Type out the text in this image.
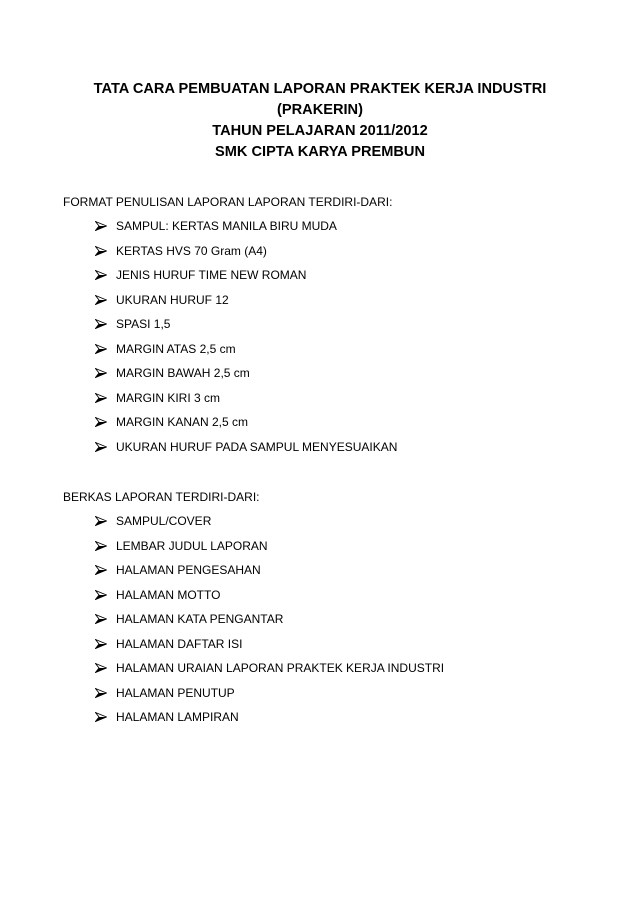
TATA CARA PEMBUATAN LAPORAN PRAKTEK KERJA INDUSTRI
(PRAKERIN)
TAHUN PELAJARAN 2011/2012
SMK CIPTA KARYA PREMBUN
FORMAT PENULISAN LAPORAN LAPORAN TERDIRI-DARI:
SAMPUL: KERTAS MANILA BIRU MUDA
KERTAS HVS 70 Gram (A4)
JENIS HURUF TIME NEW ROMAN
UKURAN HURUF 12
SPASI 1,5
MARGIN ATAS 2,5 cm
MARGIN BAWAH 2,5 cm
MARGIN KIRI 3 cm
MARGIN KANAN 2,5 cm
UKURAN HURUF PADA SAMPUL MENYESUAIKAN
BERKAS LAPORAN TERDIRI-DARI:
SAMPUL/COVER
LEMBAR JUDUL LAPORAN
HALAMAN PENGESAHAN
HALAMAN MOTTO
HALAMAN KATA PENGANTAR
HALAMAN DAFTAR ISI
HALAMAN URAIAN LAPORAN PRAKTEK KERJA INDUSTRI
HALAMAN PENUTUP
HALAMAN LAMPIRAN
